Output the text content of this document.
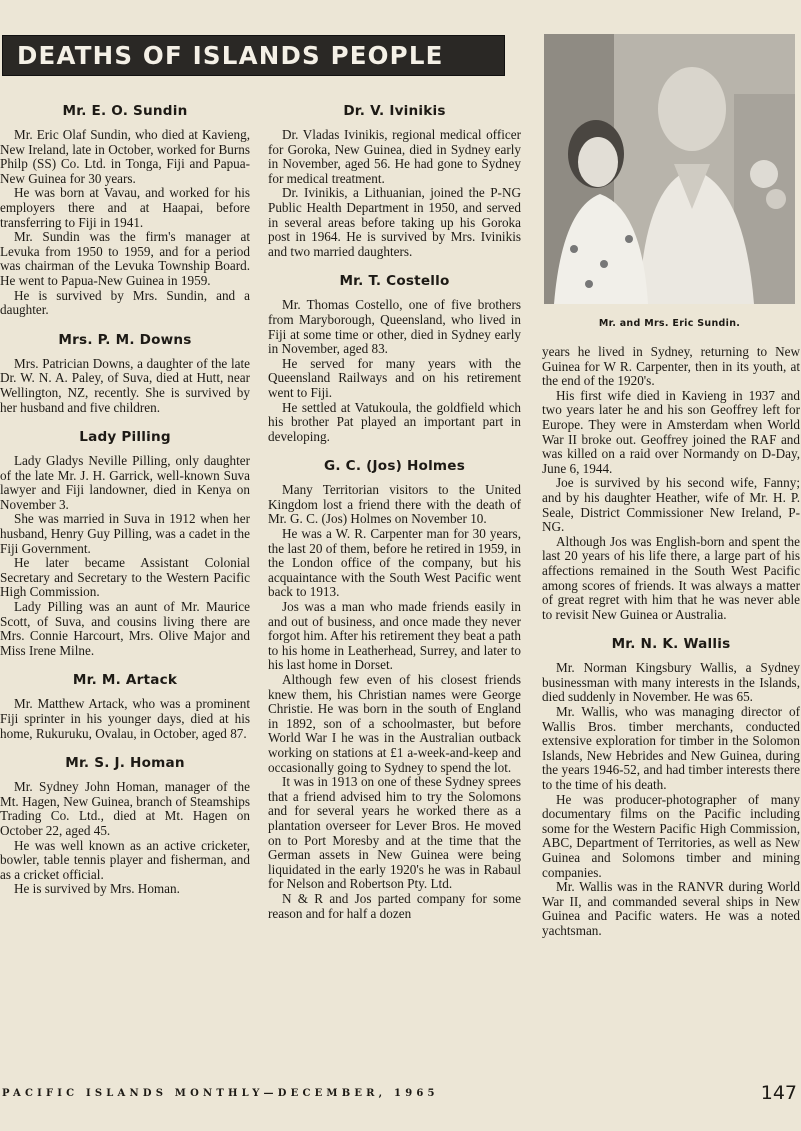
DEATHS OF ISLANDS PEOPLE
Mr. E. O. Sundin

Mr. Eric Olaf Sundin, who died at Kavieng, New Ireland, late in October, worked for Burns Philp (SS) Co. Ltd. in Tonga, Fiji and Papua-New Guinea for 30 years.

He was born at Vavau, and worked for his employers there and at Haapai, before transferring to Fiji in 1941.

Mr. Sundin was the firm's manager at Levuka from 1950 to 1959, and for a period was chairman of the Levuka Township Board. He went to Papua-New Guinea in 1959.

He is survived by Mrs. Sundin, and a daughter.

Mrs. P. M. Downs

Mrs. Patrician Downs, a daughter of the late Dr. W. N. A. Paley, of Suva, died at Hutt, near Wellington, NZ, recently. She is survived by her husband and five children.

Lady Pilling

Lady Gladys Neville Pilling, only daughter of the late Mr. J. H. Garrick, well-known Suva lawyer and Fiji landowner, died in Kenya on November 3.

She was married in Suva in 1912 when her husband, Henry Guy Pilling, was a cadet in the Fiji Government.

He later became Assistant Colonial Secretary and Secretary to the Western Pacific High Commission.

Lady Pilling was an aunt of Mr. Maurice Scott, of Suva, and cousins living there are Mrs. Connie Harcourt, Mrs. Olive Major and Miss Irene Milne.

Mr. M. Artack

Mr. Matthew Artack, who was a prominent Fiji sprinter in his younger days, died at his home, Rukuruku, Ovalau, in October, aged 87.

Mr. S. J. Homan

Mr. Sydney John Homan, manager of the Mt. Hagen, New Guinea, branch of Steamships Trading Co. Ltd., died at Mt. Hagen on October 22, aged 45.

He was well known as an active cricketer, bowler, table tennis player and fisherman, and as a cricket official.

He is survived by Mrs. Homan.

Dr. V. Ivinikis

Dr. Vladas Ivinikis, regional medical officer for Goroka, New Guinea, died in Sydney early in November, aged 56. He had gone to Sydney for medical treatment.

Dr. Ivinikis, a Lithuanian, joined the P-NG Public Health Department in 1950, and served in several areas before taking up his Goroka post in 1964. He is survived by Mrs. Ivinikis and two married daughters.

Mr. T. Costello

Mr. Thomas Costello, one of five brothers from Maryborough, Queensland, who lived in Fiji at some time or other, died in Sydney early in November, aged 83.

He served for many years with the Queensland Railways and on his retirement went to Fiji.

He settled at Vatukoula, the goldfield which his brother Pat played an important part in developing.

G. C. (Jos) Holmes

Many Territorian visitors to the United Kingdom lost a friend there with the death of Mr. G. C. (Jos) Holmes on November 10.

He was a W. R. Carpenter man for 30 years, the last 20 of them, before he retired in 1959, in the London office of the company, but his acquaintance with the South West Pacific went back to 1913.

Jos was a man who made friends easily in and out of business, and once made they never forgot him. After his retirement they beat a path to his home in Leatherhead, Surrey, and later to his last home in Dorset.

Although few even of his closest friends knew them, his Christian names were George Christie. He was born in the south of England in 1892, son of a schoolmaster, but before World War I he was in the Australian outback working on stations at £1 a-week-and-keep and occasionally going to Sydney to spend the lot.

It was in 1913 on one of these Sydney sprees that a friend advised him to try the Solomons and for several years he worked there as a plantation overseer for Lever Bros. He moved on to Port Moresby and at the time that the German assets in New Guinea were being liquidated in the early 1920's he was in Rabaul for Nelson and Robertson Pty. Ltd.

N & R and Jos parted company for some reason and for half a dozen

Mr. and Mrs. Eric Sundin.

years he lived in Sydney, returning to New Guinea for W R. Carpenter, then in its youth, at the end of the 1920's.

His first wife died in Kavieng in 1937 and two years later he and his son Geoffrey left for Europe. They were in Amsterdam when World War II broke out. Geoffrey joined the RAF and was killed on a raid over Normandy on D-Day, June 6, 1944.

Joe is survived by his second wife, Fanny; and by his daughter Heather, wife of Mr. H. P. Seale, District Commissioner New Ireland, P-NG.

Although Jos was English-born and spent the last 20 years of his life there, a large part of his affections remained in the South West Pacific among scores of friends. It was always a matter of great regret with him that he was never able to revisit New Guinea or Australia.

Mr. N. K. Wallis

Mr. Norman Kingsbury Wallis, a Sydney businessman with many interests in the Islands, died suddenly in November. He was 65.

Mr. Wallis, who was managing director of Wallis Bros. timber merchants, conducted extensive exploration for timber in the Solomon Islands, New Hebrides and New Guinea, during the years 1946-52, and had timber interests there to the time of his death.

He was producer-photographer of many documentary films on the Pacific including some for the Western Pacific High Commission, ABC, Department of Territories, as well as New Guinea and Solomons timber and mining companies.

Mr. Wallis was in the RANVR during World War II, and commanded several ships in New Guinea and Pacific waters. He was a noted yachtsman.

PACIFIC ISLANDS MONTHLY—DECEMBER, 1965	147
